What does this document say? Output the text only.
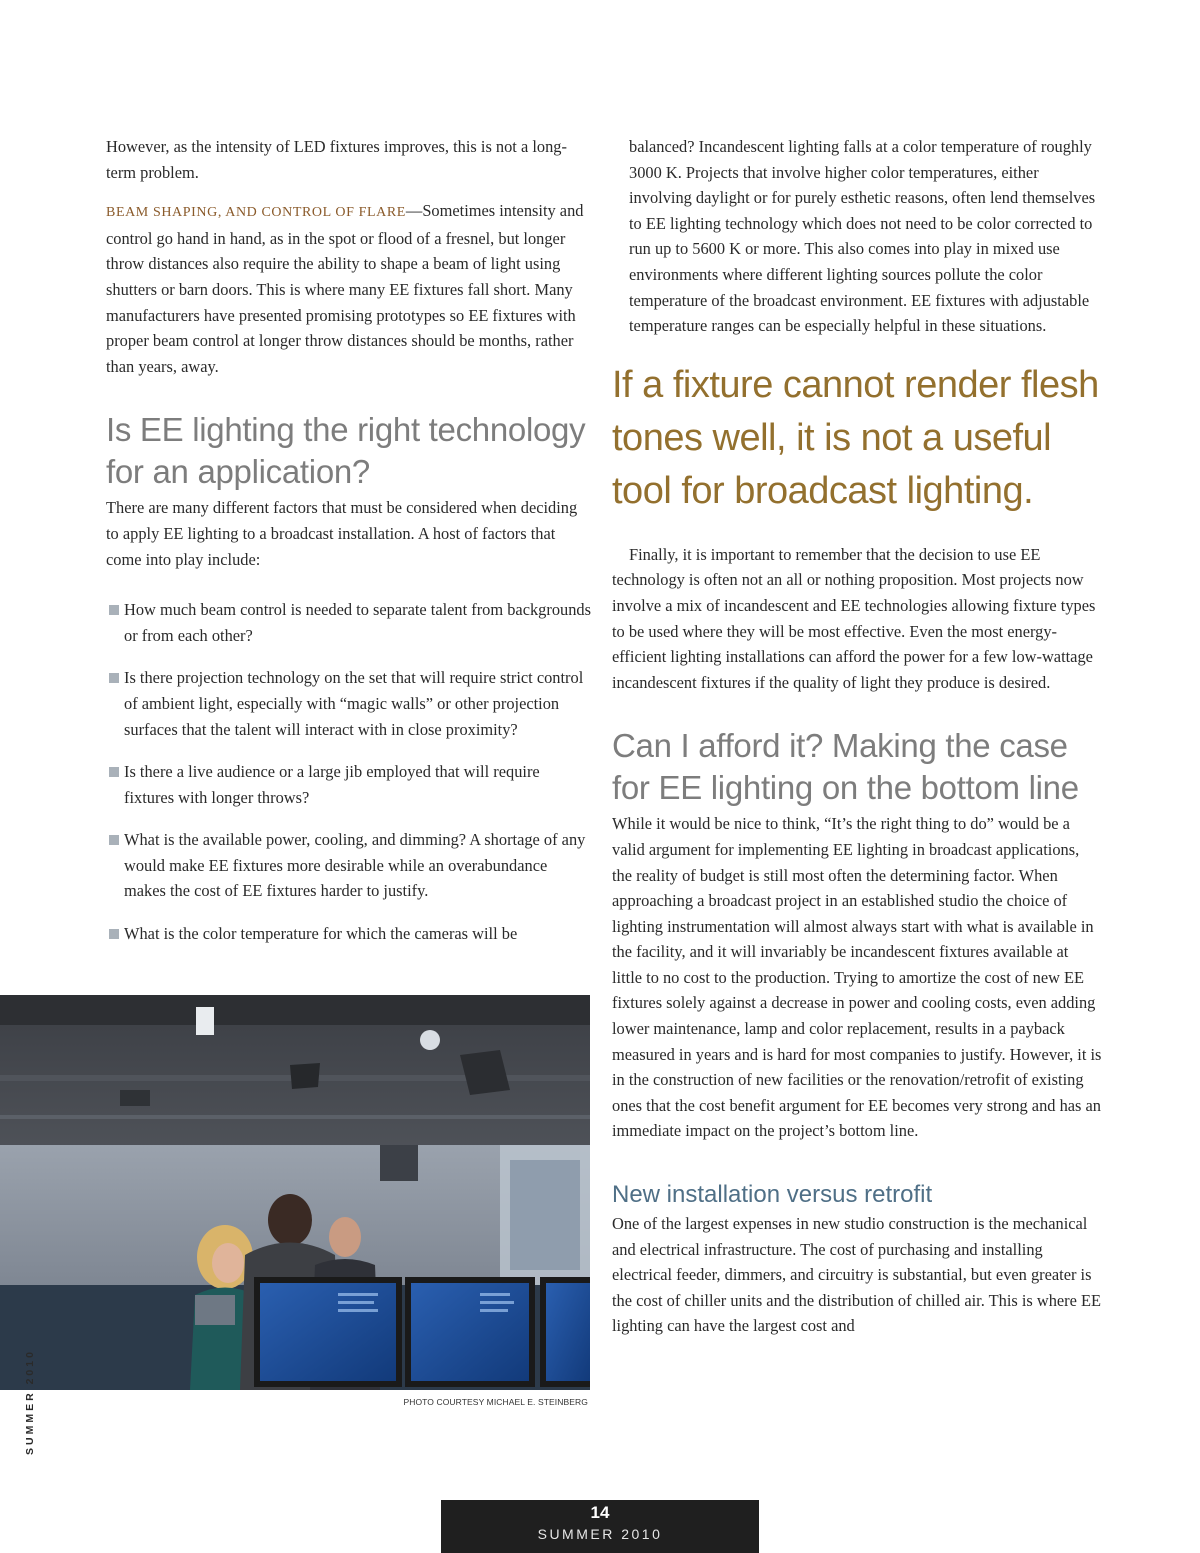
However, as the intensity of LED fixtures improves, this is not a long-term problem.

BEAM SHAPING, AND CONTROL OF FLARE—Sometimes intensity and control go hand in hand, as in the spot or flood of a fresnel, but longer throw distances also require the ability to shape a beam of light using shutters or barn doors. This is where many EE fixtures fall short. Many manufacturers have presented promising prototypes so EE fixtures with proper beam control at longer throw distances should be months, rather than years, away.

Is EE lighting the right technology for an application?

There are many different factors that must be considered when deciding to apply EE lighting to a broadcast installation. A host of factors that come into play include:

How much beam control is needed to separate talent from backgrounds or from each other?
Is there projection technology on the set that will require strict control of ambient light, especially with “magic walls” or other projection surfaces that the talent will interact with in close proximity?
Is there a live audience or a large jib employed that will require fixtures with longer throws?
What is the available power, cooling, and dimming? A shortage of any would make EE fixtures more desirable while an overabundance makes the cost of EE fixtures harder to justify.
What is the color temperature for which the cameras will be
PHOTO COURTESY MICHAEL E. STEINBERG

balanced? Incandescent lighting falls at a color temperature of roughly 3000 K. Projects that involve higher color temperatures, either involving daylight or for purely esthetic reasons, often lend themselves to EE lighting technology which does not need to be color corrected to run up to 5600 K or more. This also comes into play in mixed use environments where different lighting sources pollute the color temperature of the broadcast environment. EE fixtures with adjustable temperature ranges can be especially helpful in these situations.

If a fixture cannot render flesh tones well, it is not a useful tool for broadcast lighting.

Finally, it is important to remember that the decision to use EE technology is often not an all or nothing proposition. Most projects now involve a mix of incandescent and EE technologies allowing fixture types to be used where they will be most effective. Even the most energy-efficient lighting installations can afford the power for a few low-wattage incandescent fixtures if the quality of light they produce is desired.

Can I afford it? Making the case for EE lighting on the bottom line

While it would be nice to think, “It’s the right thing to do” would be a valid argument for implementing EE lighting in broadcast applications, the reality of budget is still most often the determining factor. When approaching a broadcast project in an established studio the choice of lighting instrumentation will almost always start with what is available in the facility, and it will invariably be incandescent fixtures available at little to no cost to the production. Trying to amortize the cost of new EE fixtures solely against a decrease in power and cooling costs, even adding lower maintenance, lamp and color replacement, results in a payback measured in years and is hard for most companies to justify. However, it is in the construction of new facilities or the renovation/retrofit of existing ones that the cost benefit argument for EE becomes very strong and has an immediate impact on the project’s bottom line.

New installation versus retrofit

One of the largest expenses in new studio construction is the mechanical and electrical infrastructure. The cost of purchasing and installing electrical feeder, dimmers, and circuitry is substantial, but even greater is the cost of chiller units and the distribution of chilled air. This is where EE lighting can have the largest cost and

SUMMER 2010
14
SUMMER 2010
